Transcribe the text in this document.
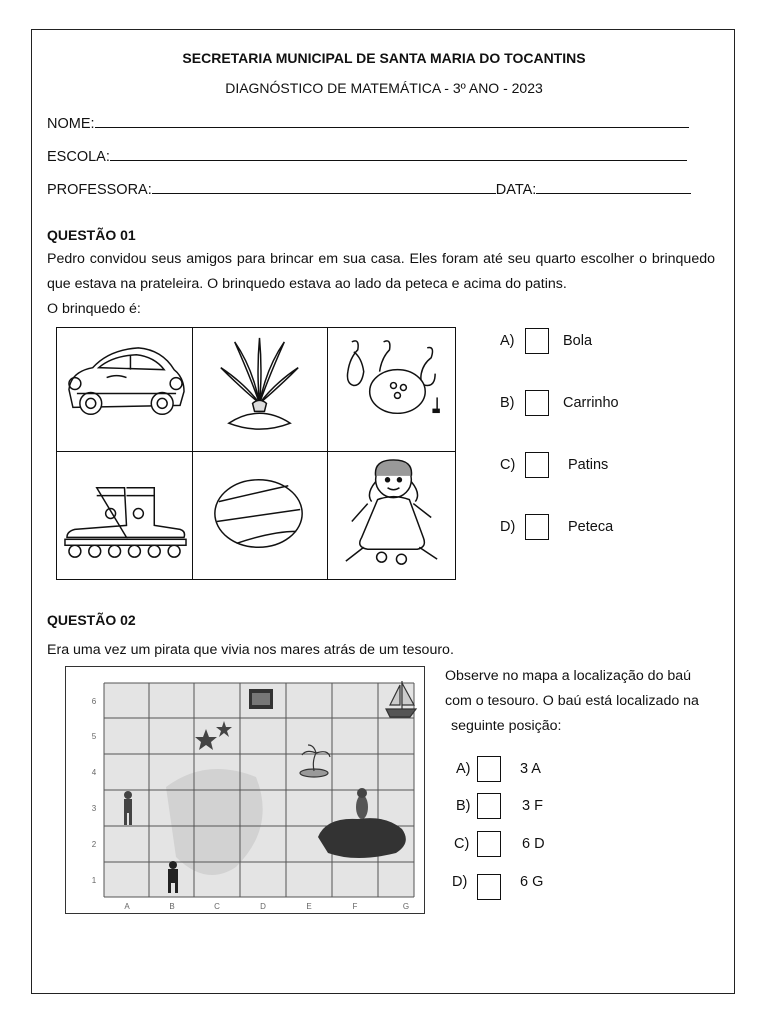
SECRETARIA MUNICIPAL DE SANTA MARIA DO TOCANTINS
DIAGNÓSTICO DE MATEMÁTICA - 3º ANO - 2023
NOME:
ESCOLA:
PROFESSORA:	DATA:
QUESTÃO 01
Pedro convidou seus amigos para brincar em sua casa. Eles foram até seu quarto escolher o brinquedo que estava na prateleira. O brinquedo estava ao lado da peteca e acima do patins.
O brinquedo é:
A)	Bola
B)	Carrinho
C)	Patins
D)	Peteca
QUESTÃO 02
Era uma vez um pirata que vivia nos mares atrás de um tesouro.
6
5
4
3
2
1
A	B	C	D	E	F	G
Observe no mapa a localização do baú
com o tesouro. O baú está localizado na
seguinte posição:
A)	3 A
B)	3 F
C)	6 D
D)	6 G
